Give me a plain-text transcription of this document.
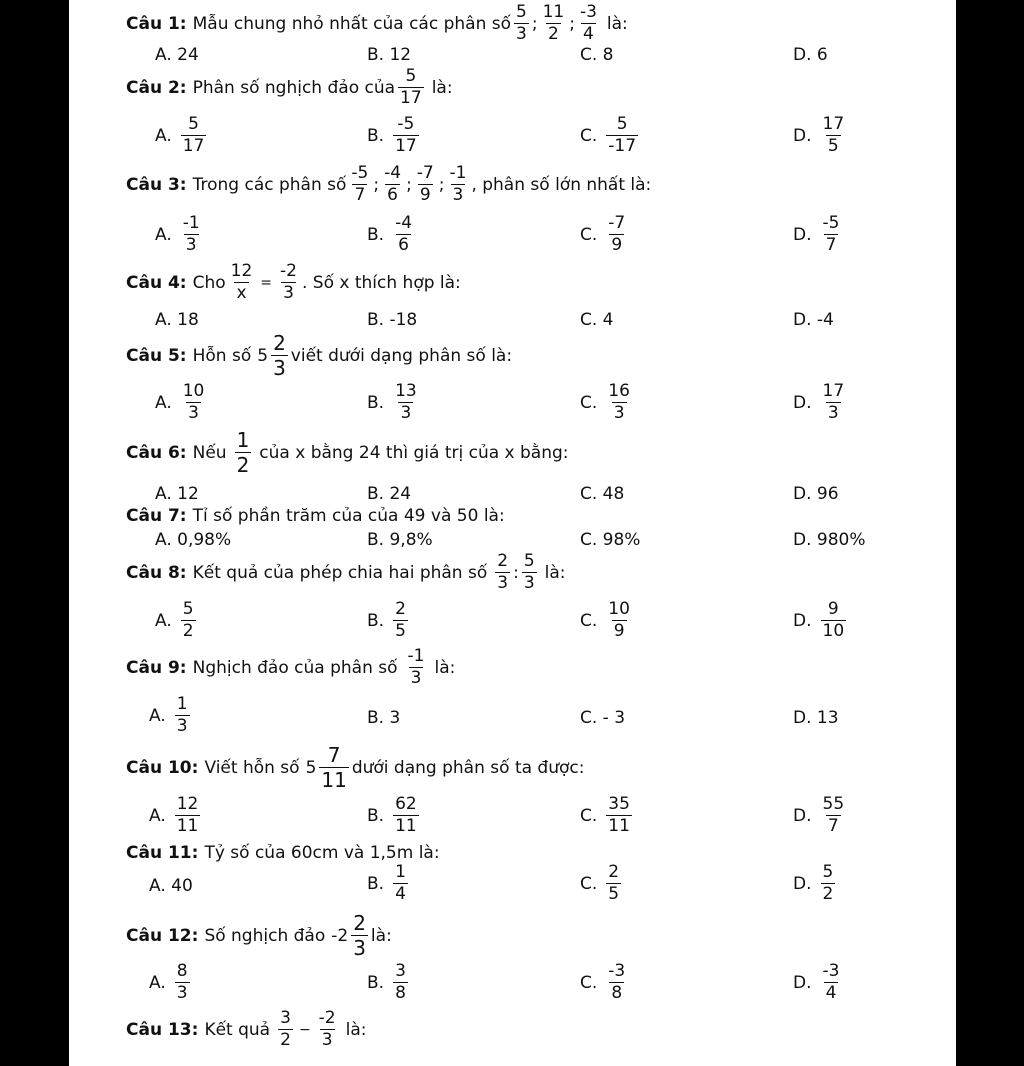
Câu 1: Mẫu chung nhỏ nhất của các phân số $\frac{5}{3}$ ; $\frac{11}{2}$ ; $\frac{-3}{4}$ là:
A. 24	B. 12	C. 8	D. 6
Câu 2: Phân số nghịch đảo của $\frac{5}{17}$ là:
A. $\frac{5}{17}$	B. $\frac{-5}{17}$	C. $\frac{5}{-17}$	D. $\frac{17}{5}$
Câu 3: Trong các phân số $\frac{-5}{7}$ ; $\frac{-4}{6}$ ; $\frac{-7}{9}$ ; $\frac{-1}{3}$ , phân số lớn nhất là:
A. $\frac{-1}{3}$	B. $\frac{-4}{6}$	C. $\frac{-7}{9}$	D. $\frac{-5}{7}$
Câu 4: Cho $\frac{12}{x} = \frac{-2}{3}$ . Số x thích hợp là:
A. 18	B. -18	C. 4	D. -4
Câu 5: Hỗn số $5 \frac{2}{3}$ viết dưới dạng phân số là:
A. $\frac{10}{3}$	B. $\frac{13}{3}$	C. $\frac{16}{3}$	D. $\frac{17}{3}$
Câu 6: Nếu $\frac{1}{2}$ của x bằng 24 thì giá trị của x bằng:
A. 12	B. 24	C. 48	D. 96
Câu 7: Tỉ số phần trăm của của 49 và 50 là:
A. 0,98%	B. 9,8%	C. 98%	D. 980%
Câu 8: Kết quả của phép chia hai phân số $\frac{2}{3}$ : $\frac{5}{3}$ là:
A. $\frac{5}{2}$	B. $\frac{2}{5}$	C. $\frac{10}{9}$	D. $\frac{9}{10}$
Câu 9: Nghịch đảo của phân số $\frac{-1}{3}$ là:
A. $\frac{1}{3}$	B. 3	C. - 3	D. 13
Câu 10: Viết hỗn số $5 \frac{7}{11}$ dưới dạng phân số ta được:
A. $\frac{12}{11}$	B. $\frac{62}{11}$	C. $\frac{35}{11}$	D. $\frac{55}{7}$
Câu 11: Tỷ số của 60cm và 1,5m là:
A. 40	B. $\frac{1}{4}$	C. $\frac{2}{5}$	D. $\frac{5}{2}$
Câu 12: Số nghịch đảo $-2 \frac{2}{3}$ là:
A. $\frac{8}{3}$	B. $\frac{3}{8}$	C. $\frac{-3}{8}$	D. $\frac{-3}{4}$
Câu 13: Kết quả $\frac{3}{2} - \frac{-2}{3}$ là:
